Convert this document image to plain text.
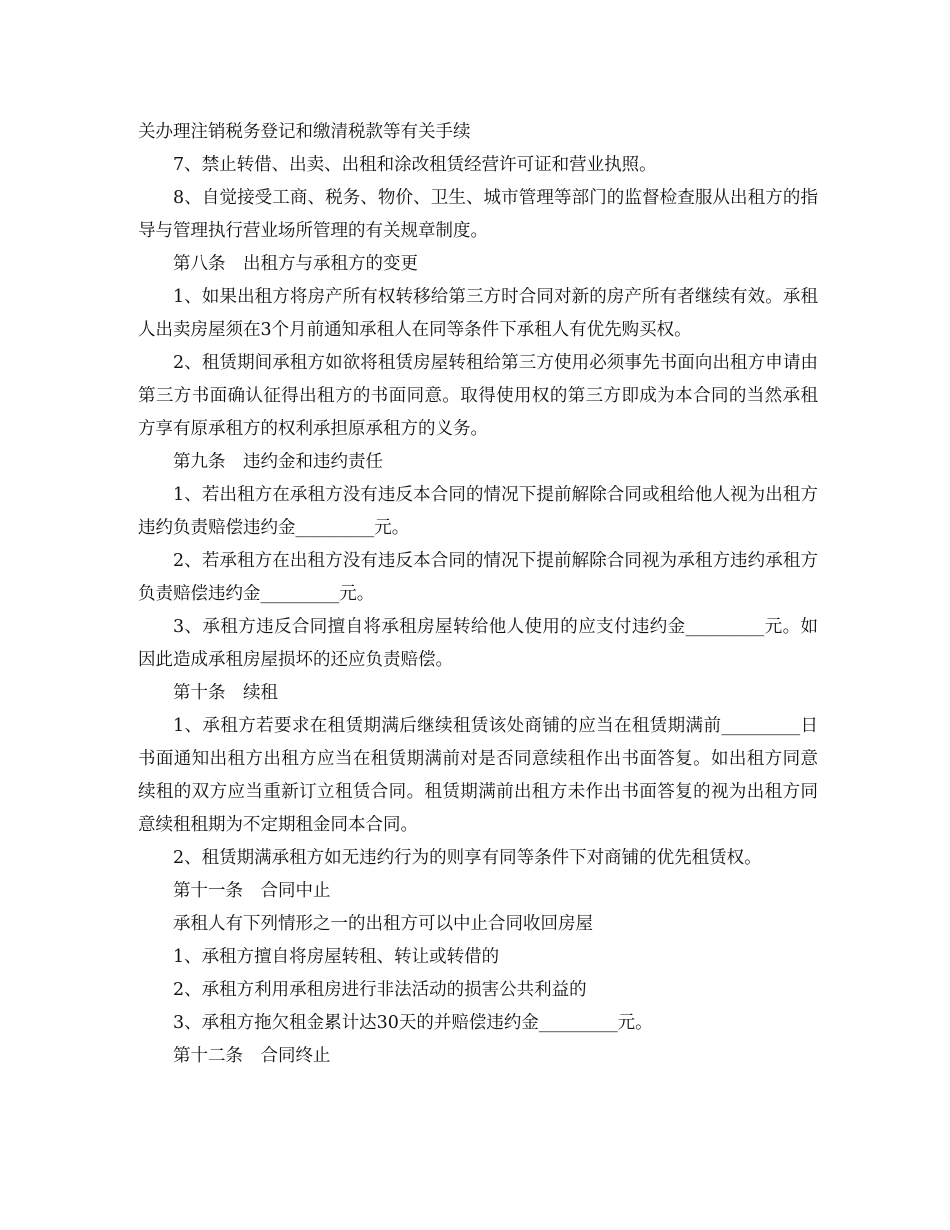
关办理注销税务登记和缴清税款等有关手续

7、禁止转借、出卖、出租和涂改租赁经营许可证和营业执照。

8、自觉接受工商、税务、物价、卫生、城市管理等部门的监督检查服从出租方的指导与管理执行营业场所管理的有关规章制度。

第八条　出租方与承租方的变更

1、如果出租方将房产所有权转移给第三方时合同对新的房产所有者继续有效。承租人出卖房屋须在3个月前通知承租人在同等条件下承租人有优先购买权。

2、租赁期间承租方如欲将租赁房屋转租给第三方使用必须事先书面向出租方申请由第三方书面确认征得出租方的书面同意。取得使用权的第三方即成为本合同的当然承租方享有原承租方的权利承担原承租方的义务。

第九条　违约金和违约责任

1、若出租方在承租方没有违反本合同的情况下提前解除合同或租给他人视为出租方违约负责赔偿违约金_________元。

2、若承租方在出租方没有违反本合同的情况下提前解除合同视为承租方违约承租方负责赔偿违约金_________元。

3、承租方违反合同擅自将承租房屋转给他人使用的应支付违约金_________元。如因此造成承租房屋损坏的还应负责赔偿。

第十条　续租

1、承租方若要求在租赁期满后继续租赁该处商铺的应当在租赁期满前_________日书面通知出租方出租方应当在租赁期满前对是否同意续租作出书面答复。如出租方同意续租的双方应当重新订立租赁合同。租赁期满前出租方未作出书面答复的视为出租方同意续租租期为不定期租金同本合同。

2、租赁期满承租方如无违约行为的则享有同等条件下对商铺的优先租赁权。

第十一条　合同中止

承租人有下列情形之一的出租方可以中止合同收回房屋

1、承租方擅自将房屋转租、转让或转借的

2、承租方利用承租房进行非法活动的损害公共利益的

3、承租方拖欠租金累计达30天的并赔偿违约金_________元。

第十二条　合同终止
